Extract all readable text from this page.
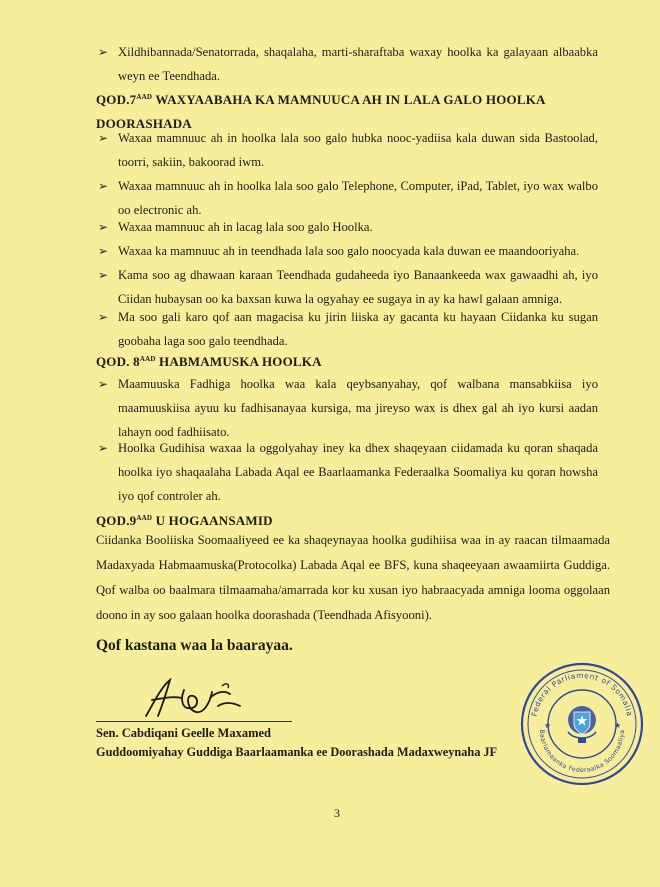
➢ Xildhibannada/Senatorrada, shaqalaha, marti-sharaftaba waxay hoolka ka galayaan albaabka weyn ee Teendhada.
$QOD.7^{AAD}$ WAXYAABAHA KA MAMNUUCA AH IN LALA GALO HOOLKA DOORASHADA
➢ Waxaa mamnuuc ah in hoolka lala soo galo hubka nooc-yadiisa kala duwan sida Bastoolad, toorri, sakiin, bakoorad iwm.
➢ Waxaa mamnuuc ah in hoolka lala soo galo Telephone, Computer, iPad, Tablet, iyo wax walbo oo electronic ah.
➢ Waxaa mamnuuc ah in lacag lala soo galo Hoolka.
➢ Waxaa ka mamnuuc ah in teendhada lala soo galo noocyada kala duwan ee maandooriyaha.
➢ Kama soo ag dhawaan karaan Teendhada gudaheeda iyo Banaankeeda wax gawaadhi ah, iyo Ciidan hubaysan oo ka baxsan kuwa la ogyahay ee sugaya in ay ka hawl galaan amniga.
➢ Ma soo gali karo qof aan magacisa ku jirin liiska ay gacanta ku hayaan Ciidanka ku sugan goobaha laga soo galo teendhada.
QOD. $8^{AAD}$ HABMAMUSKA HOOLKA
➢ Maamuuska Fadhiga hoolka waa kala qeybsanyahay, qof walbana mansabkiisa iyo maamuuskiisa ayuu ku fadhisanayaa kursiga, ma jireyso wax is dhex gal ah iyo kursi aadan lahayn ood fadhiisato.
➢ Hoolka Gudihisa waxaa la oggolyahay iney ka dhex shaqeyaan ciidamada ku qoran shaqada hoolka iyo shaqaalaha Labada Aqal ee Baarlaamanka Federaalka Soomaliya ku qoran howsha iyo qof controler ah.
$QOD.9^{AAD}$ U HOGAANSAMID
Ciidanka Booliiska Soomaaliyeed ee ka shaqeynayaa hoolka gudihiisa waa in ay raacan tilmaamada Madaxyada Habmaamuska(Protocolka) Labada Aqal ee BFS, kuna shaqeeyaan awaamiirta Guddiga. Qof walba oo baalmara tilmaamaha/amarrada kor ku xusan iyo habraacyada amniga looma oggolaan doono in ay soo galaan hoolka doorashada (Teendhada Afisyooni).
Qof kastana waa la baarayaa.
Sen. Cabdiqani Geelle Maxamed
Guddoomiyahay Guddiga Baarlaamanka ee Doorashada Madaxweynaha JF
Federal Parliament of Somalia
Baarlamaanka Federaalka Soomaaliya
★	★
3
